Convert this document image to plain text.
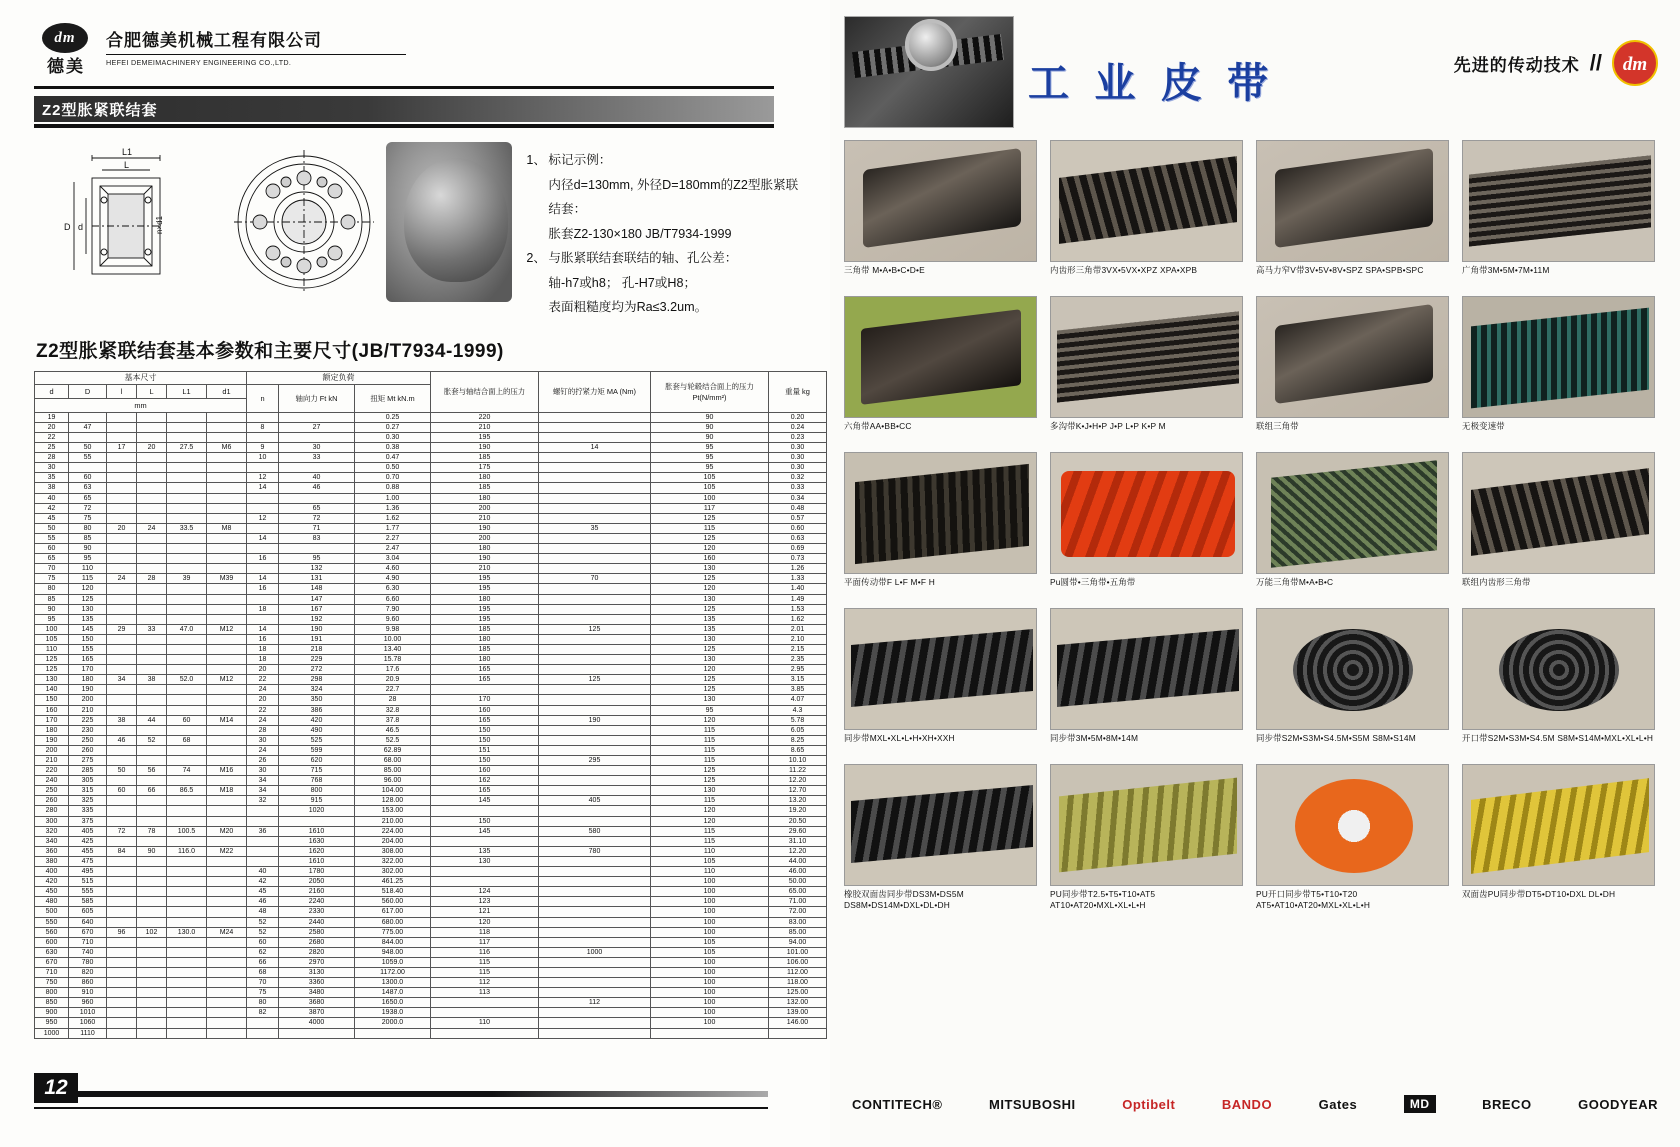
dm
德美
合肥德美机械工程有限公司
HEFEI DEMEIMACHINERY ENGINEERING CO.,LTD.
Z2型胀紧联结套
L1
L
D d	n×d1
1、 标记示例：
内径d=130mm, 外径D=180mm的Z2型胀紧联结套：
胀套Z2-130×180 JB/T7934-1999
2、 与胀紧联结套联结的轴、孔公差：
轴-h7或h8； 孔-H7或H8；
表面粗糙度均为Ra≤3.2um。
Z2型胀紧联结套基本参数和主要尺寸(JB/T7934-1999)
基本尺寸						额定负荷			胀套与轴结合面上的压力	螺钉的拧紧力矩 MA (Nm)	胀套与轮毂结合面上的压力 Pt(N/mm²)	重量 kg
d	D	l	L	L1	d1	n	轴向力 Ft kN	扭矩 Mt kN.m				
mm												
19								0.25	220		90	0.20
20	47					8	27	0.27	210		90	0.24
22								0.30	195		90	0.23
25	50	17	20	27.5	M6	9	30	0.38	190	14	95	0.30
28	55					10	33	0.47	185		95	0.30
30								0.50	175		95	0.30
35	60					12	40	0.70	180		105	0.32
38	63					14	46	0.88	185		105	0.33
40	65							1.00	180		100	0.34
42	72						65	1.36	200		117	0.48
45	75					12	72	1.62	210		125	0.57
50	80	20	24	33.5	M8		71	1.77	190	35	115	0.60
55	85					14	83	2.27	200		125	0.63
60	90							2.47	180		120	0.69
65	95					16	95	3.04	190		160	0.73
70	110						132	4.60	210		130	1.26
75	115	24	28	39	M39	14	131	4.90	195	70	125	1.33
80	120					16	148	6.30	195		120	1.40
85	125						147	6.60	180		130	1.49
90	130					18	167	7.90	195		125	1.53
95	135						192	9.60	195		135	1.62
100	145	29	33	47.0	M12	14	190	9.98	185	125	135	2.01
105	150					16	191	10.00	180		130	2.10
110	155					18	218	13.40	185		125	2.15
125	165					18	229	15.78	180		130	2.35
125	170					20	272	17.6	165		120	2.95
130	180	34	38	52.0	M12	22	298	20.9	165	125	125	3.15
140	190					24	324	22.7			125	3.85
150	200					20	350	28	170		130	4.07
160	210					22	386	32.8	160		95	4.3
170	225	38	44	60	M14	24	420	37.8	165	190	120	5.78
180	230					28	490	46.5	150		115	6.05
190	250	46	52	68		30	525	52.5	150		115	8.25
200	260					24	599	62.89	151		115	8.65
210	275					26	620	68.00	150	295	115	10.10
220	285	50	56	74	M16	30	715	85.00	160		125	11.22
240	305					34	768	96.00	162		125	12.20
250	315	60	66	86.5	M18	34	800	104.00	165		130	12.70
260	325					32	915	128.00	145	405	115	13.20
280	335						1020	153.00			120	19.20
300	375							210.00	150		120	20.50
320	405	72	78	100.5	M20	36	1610	224.00	145	580	115	29.60
340	425						1630	204.00			115	31.10
360	455	84	90	116.0	M22		1620	308.00	135	780	110	12.20
380	475						1610	322.00	130		105	44.00
400	495					40	1780	302.00			110	46.00
420	515					42	2050	461.25			100	50.00
450	555					45	2160	518.40	124		100	65.00
480	585					46	2240	560.00	123		100	71.00
500	605					48	2330	617.00	121		100	72.00
550	640					52	2440	680.00	120		100	83.00
560	670	96	102	130.0	M24	52	2580	775.00	118		100	85.00
600	710					60	2680	844.00	117		105	94.00
630	740					62	2820	948.00	116	1000	105	101.00
670	780					66	2970	1059.0	115		100	106.00
710	820					68	3130	1172.00	115		100	112.00
750	860					70	3360	1300.0	112		100	118.00
800	910					75	3480	1487.0	113		100	125.00
850	960					80	3680	1650.0		112	100	132.00
900	1010					82	3870	1938.0			100	139.00
950	1060						4000	2000.0	110		100	146.00
1000	1110											
12
工 业 皮 带	先进的传动技术 //	dm
三角带 M•A•B•C•D•E	内齿形三角带3VX•5VX•XPZ XPA•XPB	高马力窄V带3V•5V•8V•SPZ SPA•SPB•SPC	广角带3M•5M•7M•11M
六角带AA•BB•CC	多沟带K•J•H•P J•P L•P K•P M	联组三角带	无极变速带
平面传动带F L•F M•F H	Pu圆带•三角带•五角带	万能三角带M•A•B•C	联组内齿形三角带
同步带MXL•XL•L•H•XH•XXH	同步带3M•5M•8M•14M	同步带S2M•S3M•S4.5M•S5M S8M•S14M	开口带S2M•S3M•S4.5M S8M•S14M•MXL•XL•L•H
橡胶双面齿同步带DS3M•DS5M DS8M•DS14M•DXL•DL•DH
PU同步带T2.5•T5•T10•AT5 AT10•AT20•MXL•XL•L•H
PU开口同步带T5•T10•T20 AT5•AT10•AT20•MXL•XL•L•H
双面齿PU同步带DT5•DT10•DXL DL•DH
CONTITECH®	MITSUBOSHI	Optibelt	BANDO	Gates	MD	BRECO	GOODYEAR
